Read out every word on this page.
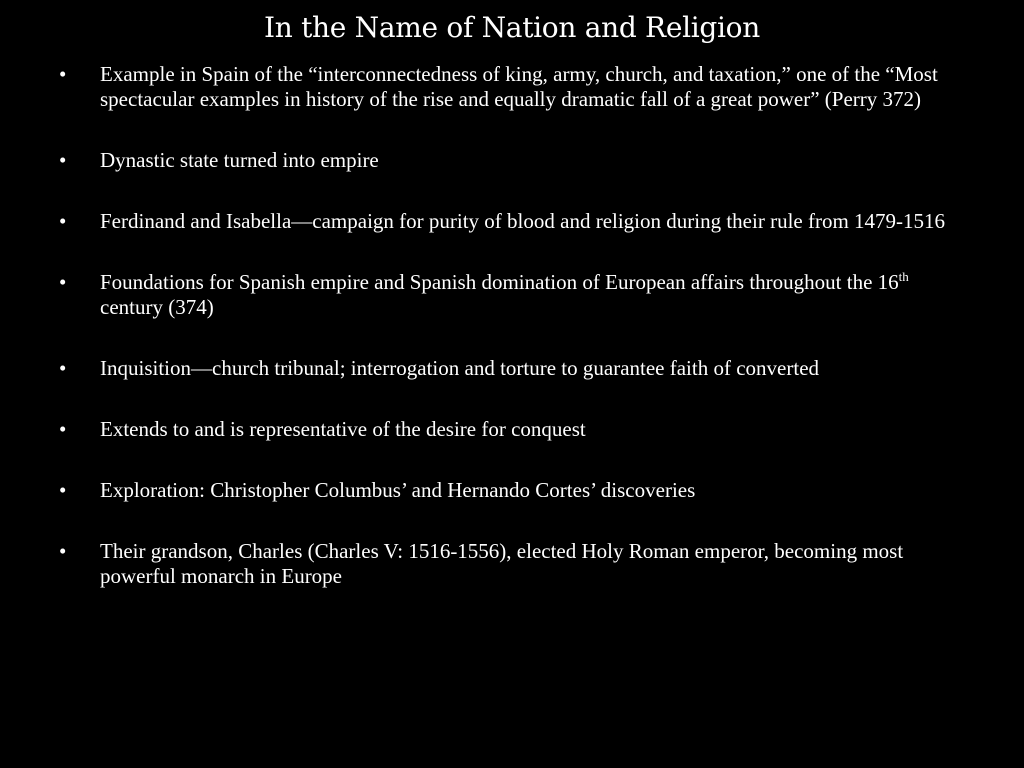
In the Name of Nation and Religion
• Example in Spain of the “interconnectedness of king, army, church, and taxation,” one of the “Most spectacular examples in history of the rise and equally dramatic fall of a great power” (Perry 372)
• Dynastic state turned into empire
• Ferdinand and Isabella—campaign for purity of blood and religion during their rule from 1479-1516
• Foundations for Spanish empire and Spanish domination of European affairs throughout the 16th century (374)
• Inquisition—church tribunal; interrogation and torture to guarantee faith of converted
• Extends to and is representative of the desire for conquest
• Exploration: Christopher Columbus’ and Hernando Cortes’ discoveries
• Their grandson, Charles (Charles V: 1516-1556), elected Holy Roman emperor, becoming most powerful monarch in Europe
